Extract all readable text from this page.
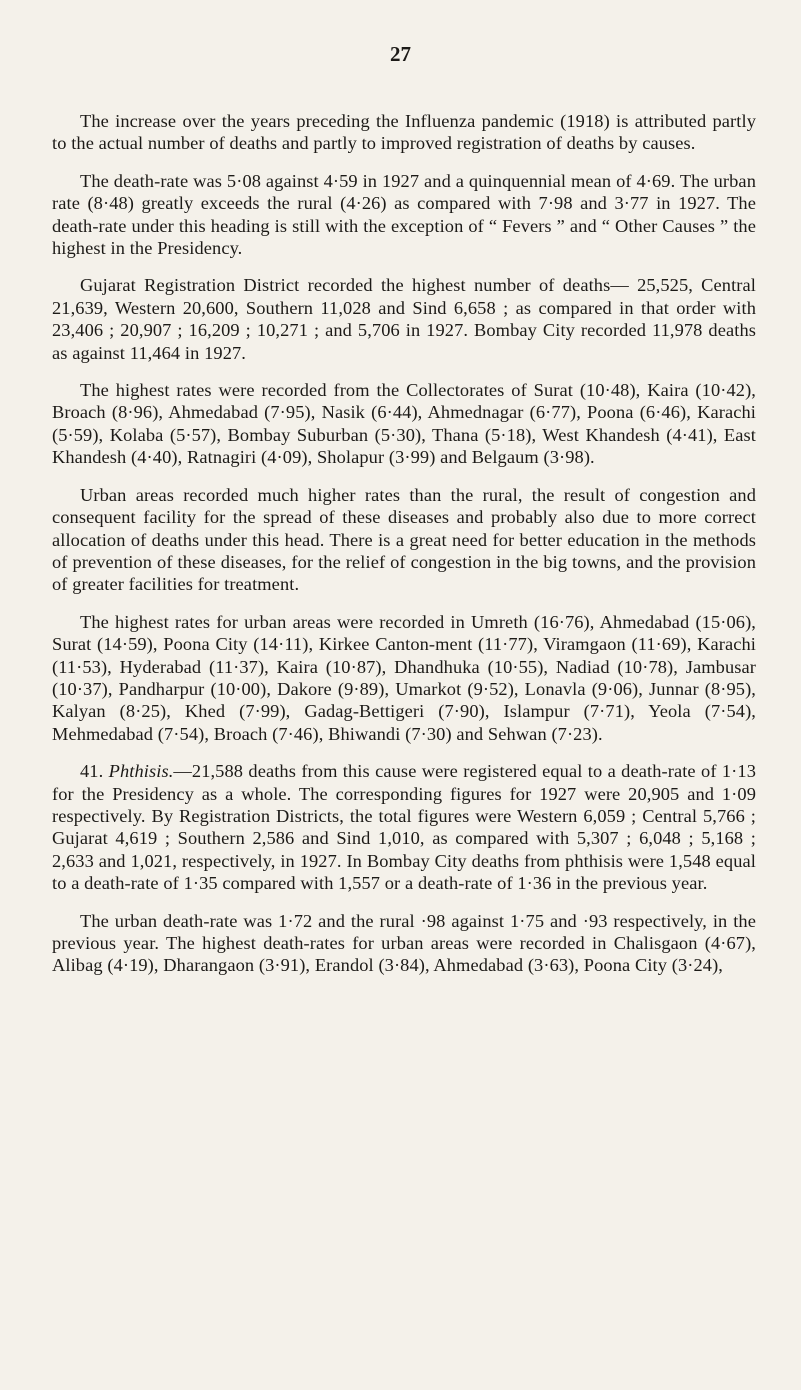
27

The increase over the years preceding the Influenza pandemic (1918) is attributed partly to the actual number of deaths and partly to improved registration of deaths by causes.

The death-rate was 5·08 against 4·59 in 1927 and a quinquennial mean of 4·69. The urban rate (8·48) greatly exceeds the rural (4·26) as compared with 7·98 and 3·77 in 1927. The death-rate under this heading is still with the exception of “ Fevers ” and “ Other Causes ” the highest in the Presidency.

Gujarat Registration District recorded the highest number of deaths— 25,525, Central 21,639, Western 20,600, Southern 11,028 and Sind 6,658 ; as compared in that order with 23,406 ; 20,907 ; 16,209 ; 10,271 ; and 5,706 in 1927. Bombay City recorded 11,978 deaths as against 11,464 in 1927.

The highest rates were recorded from the Collectorates of Surat (10·48), Kaira (10·42), Broach (8·96), Ahmedabad (7·95), Nasik (6·44), Ahmednagar (6·77), Poona (6·46), Karachi (5·59), Kolaba (5·57), Bombay Suburban (5·30), Thana (5·18), West Khandesh (4·41), East Khandesh (4·40), Ratnagiri (4·09), Sholapur (3·99) and Belgaum (3·98).

Urban areas recorded much higher rates than the rural, the result of congestion and consequent facility for the spread of these diseases and probably also due to more correct allocation of deaths under this head. There is a great need for better education in the methods of prevention of these diseases, for the relief of congestion in the big towns, and the provision of greater facilities for treatment.

The highest rates for urban areas were recorded in Umreth (16·76), Ahmedabad (15·06), Surat (14·59), Poona City (14·11), Kirkee Canton-ment (11·77), Viramgaon (11·69), Karachi (11·53), Hyderabad (11·37), Kaira (10·87), Dhandhuka (10·55), Nadiad (10·78), Jambusar (10·37), Pandharpur (10·00), Dakore (9·89), Umarkot (9·52), Lonavla (9·06), Junnar (8·95), Kalyan (8·25), Khed (7·99), Gadag-Bettigeri (7·90), Islampur (7·71), Yeola (7·54), Mehmedabad (7·54), Broach (7·46), Bhiwandi (7·30) and Sehwan (7·23).

41. Phthisis.—21,588 deaths from this cause were registered equal to a death-rate of 1·13 for the Presidency as a whole. The corresponding figures for 1927 were 20,905 and 1·09 respectively. By Registration Districts, the total figures were Western 6,059 ; Central 5,766 ; Gujarat 4,619 ; Southern 2,586 and Sind 1,010, as compared with 5,307 ; 6,048 ; 5,168 ; 2,633 and 1,021, respectively, in 1927. In Bombay City deaths from phthisis were 1,548 equal to a death-rate of 1·35 compared with 1,557 or a death-rate of 1·36 in the previous year.

The urban death-rate was 1·72 and the rural ·98 against 1·75 and ·93 respectively, in the previous year. The highest death-rates for urban areas were recorded in Chalisgaon (4·67), Alibag (4·19), Dharangaon (3·91), Erandol (3·84), Ahmedabad (3·63), Poona City (3·24),
